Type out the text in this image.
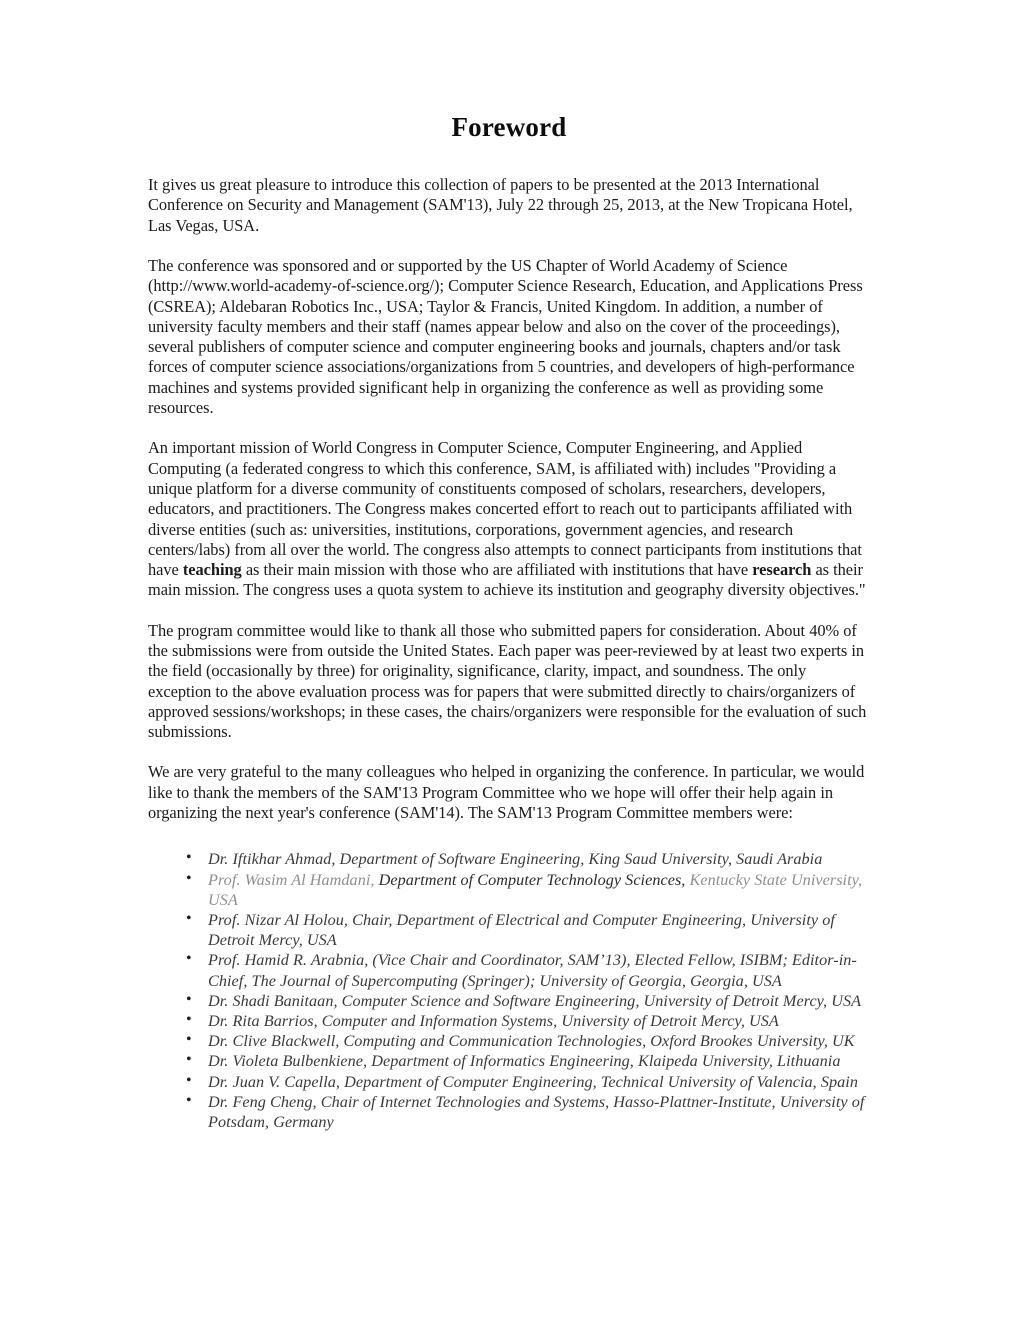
Foreword

It gives us great pleasure to introduce this collection of papers to be presented at the 2013 International Conference on Security and Management (SAM'13), July 22 through 25, 2013, at the New Tropicana Hotel, Las Vegas, USA.

The conference was sponsored and or supported by the US Chapter of World Academy of Science (http://www.world-academy-of-science.org/); Computer Science Research, Education, and Applications Press (CSREA); Aldebaran Robotics Inc., USA; Taylor & Francis, United Kingdom. In addition, a number of university faculty members and their staff (names appear below and also on the cover of the proceedings), several publishers of computer science and computer engineering books and journals, chapters and/or task forces of computer science associations/organizations from 5 countries, and developers of high-performance machines and systems provided significant help in organizing the conference as well as providing some resources.

An important mission of World Congress in Computer Science, Computer Engineering, and Applied Computing (a federated congress to which this conference, SAM, is affiliated with) includes "Providing a unique platform for a diverse community of constituents composed of scholars, researchers, developers, educators, and practitioners. The Congress makes concerted effort to reach out to participants affiliated with diverse entities (such as: universities, institutions, corporations, government agencies, and research centers/labs) from all over the world. The congress also attempts to connect participants from institutions that have teaching as their main mission with those who are affiliated with institutions that have research as their main mission. The congress uses a quota system to achieve its institution and geography diversity objectives."

The program committee would like to thank all those who submitted papers for consideration. About 40% of the submissions were from outside the United States. Each paper was peer-reviewed by at least two experts in the field (occasionally by three) for originality, significance, clarity, impact, and soundness. The only exception to the above evaluation process was for papers that were submitted directly to chairs/organizers of approved sessions/workshops; in these cases, the chairs/organizers were responsible for the evaluation of such submissions.

We are very grateful to the many colleagues who helped in organizing the conference. In particular, we would like to thank the members of the SAM'13 Program Committee who we hope will offer their help again in organizing the next year's conference (SAM'14). The SAM'13 Program Committee members were:

• Dr. Iftikhar Ahmad, Department of Software Engineering, King Saud University, Saudi Arabia
• Prof. Wasim Al Hamdani, Department of Computer Technology Sciences, Kentucky State University, USA
• Prof. Nizar Al Holou, Chair, Department of Electrical and Computer Engineering, University of Detroit Mercy, USA
• Prof. Hamid R. Arabnia, (Vice Chair and Coordinator, SAM’13), Elected Fellow, ISIBM; Editor-in-Chief, The Journal of Supercomputing (Springer); University of Georgia, Georgia, USA
• Dr. Shadi Banitaan, Computer Science and Software Engineering, University of Detroit Mercy, USA
• Dr. Rita Barrios, Computer and Information Systems, University of Detroit Mercy, USA
• Dr. Clive Blackwell, Computing and Communication Technologies, Oxford Brookes University, UK
• Dr. Violeta Bulbenkiene, Department of Informatics Engineering, Klaipeda University, Lithuania
• Dr. Juan V. Capella, Department of Computer Engineering, Technical University of Valencia, Spain
• Dr. Feng Cheng, Chair of Internet Technologies and Systems, Hasso-Plattner-Institute, University of Potsdam, Germany
